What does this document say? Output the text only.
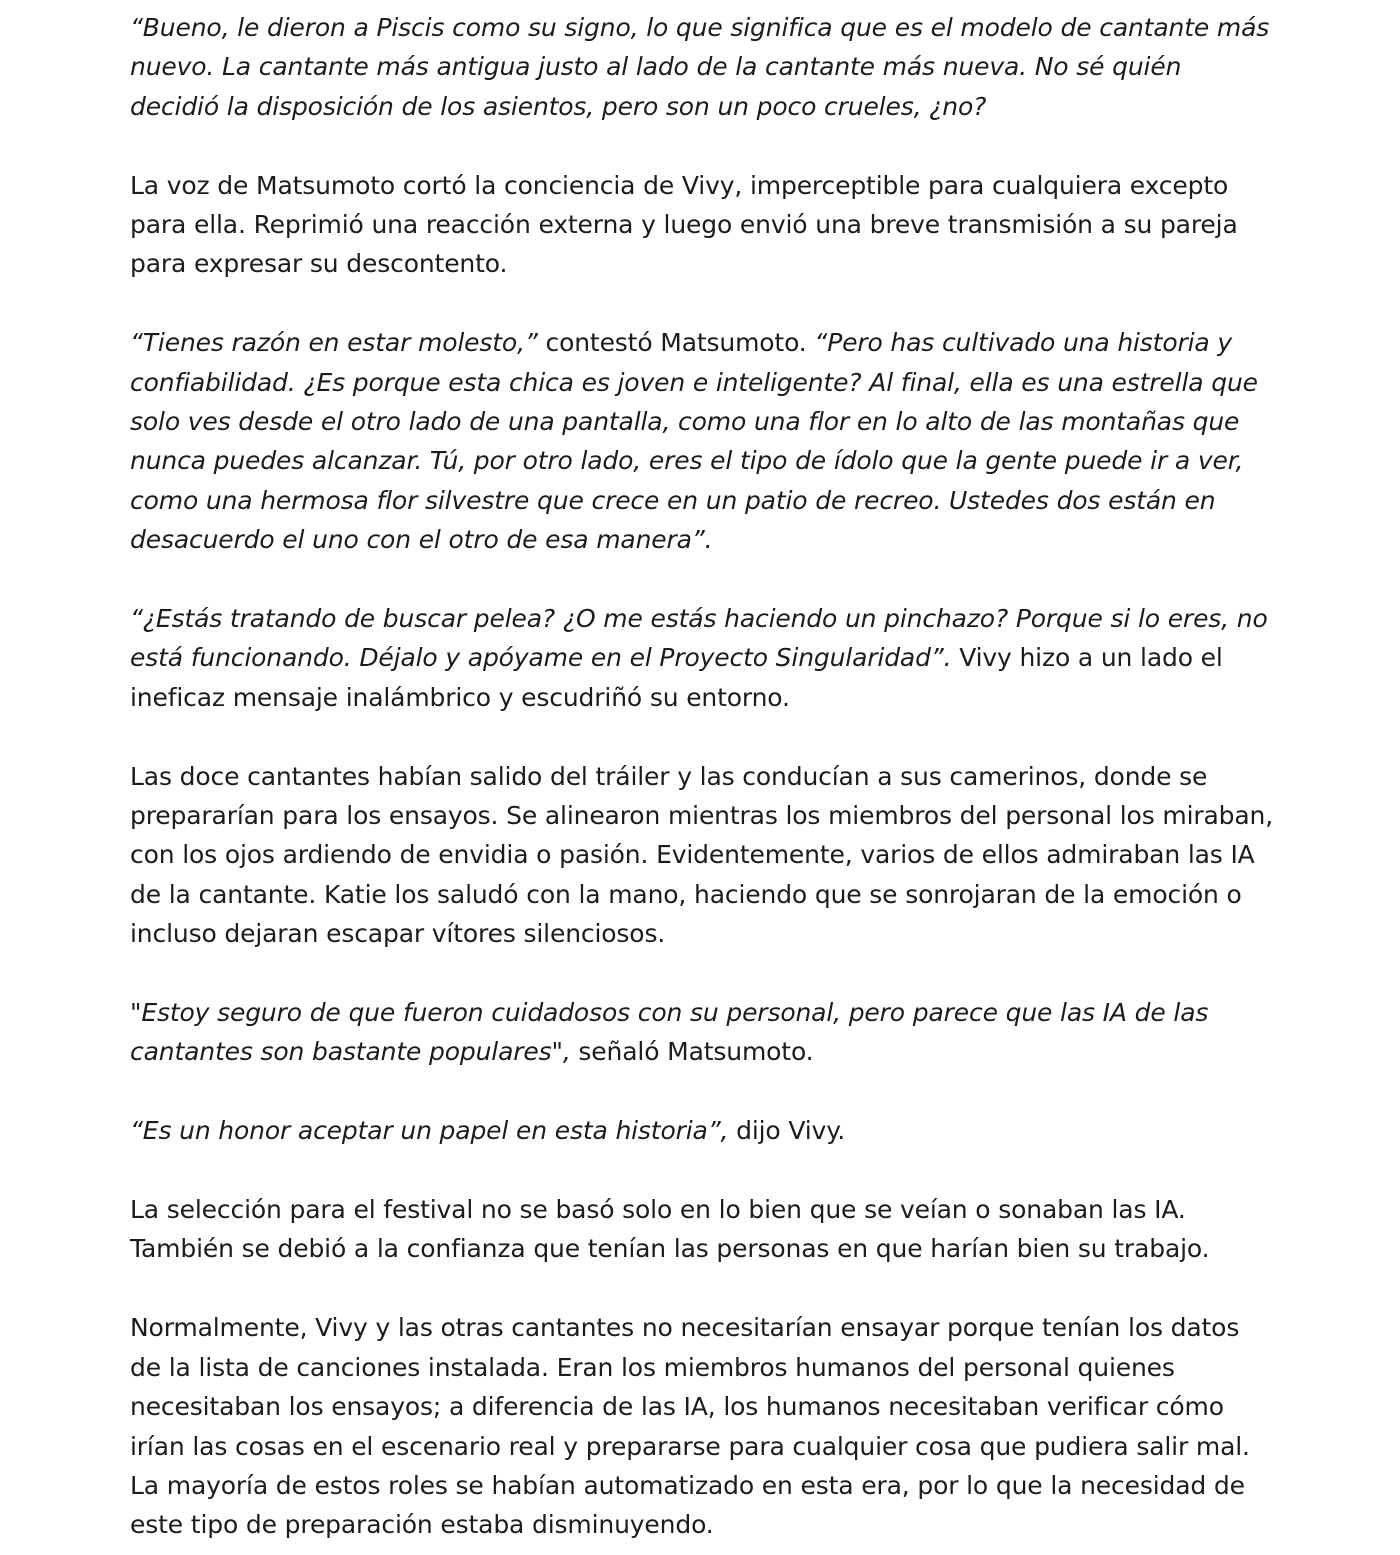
“Bueno, le dieron a Piscis como su signo, lo que significa que es el modelo de cantante más nuevo. La cantante más antigua justo al lado de la cantante más nueva. No sé quién decidió la disposición de los asientos, pero son un poco crueles, ¿no?

La voz de Matsumoto cortó la conciencia de Vivy, imperceptible para cualquiera excepto para ella. Reprimió una reacción externa y luego envió una breve transmisión a su pareja para expresar su descontento.

“Tienes razón en estar molesto,” contestó Matsumoto. “Pero has cultivado una historia y confiabilidad. ¿Es porque esta chica es joven e inteligente? Al final, ella es una estrella que solo ves desde el otro lado de una pantalla, como una flor en lo alto de las montañas que nunca puedes alcanzar. Tú, por otro lado, eres el tipo de ídolo que la gente puede ir a ver, como una hermosa flor silvestre que crece en un patio de recreo. Ustedes dos están en desacuerdo el uno con el otro de esa manera”.

“¿Estás tratando de buscar pelea? ¿O me estás haciendo un pinchazo? Porque si lo eres, no está funcionando. Déjalo y apóyame en el Proyecto Singularidad”. Vivy hizo a un lado el ineficaz mensaje inalámbrico y escudriñó su entorno.

Las doce cantantes habían salido del tráiler y las conducían a sus camerinos, donde se prepararían para los ensayos. Se alinearon mientras los miembros del personal los miraban, con los ojos ardiendo de envidia o pasión. Evidentemente, varios de ellos admiraban las IA de la cantante. Katie los saludó con la mano, haciendo que se sonrojaran de la emoción o incluso dejaran escapar vítores silenciosos.

"Estoy seguro de que fueron cuidadosos con su personal, pero parece que las IA de las cantantes son bastante populares", señaló Matsumoto.

“Es un honor aceptar un papel en esta historia”, dijo Vivy.

La selección para el festival no se basó solo en lo bien que se veían o sonaban las IA. También se debió a la confianza que tenían las personas en que harían bien su trabajo.

Normalmente, Vivy y las otras cantantes no necesitarían ensayar porque tenían los datos de la lista de canciones instalada. Eran los miembros humanos del personal quienes necesitaban los ensayos; a diferencia de las IA, los humanos necesitaban verificar cómo irían las cosas en el escenario real y prepararse para cualquier cosa que pudiera salir mal. La mayoría de estos roles se habían automatizado en esta era, por lo que la necesidad de este tipo de preparación estaba disminuyendo.
